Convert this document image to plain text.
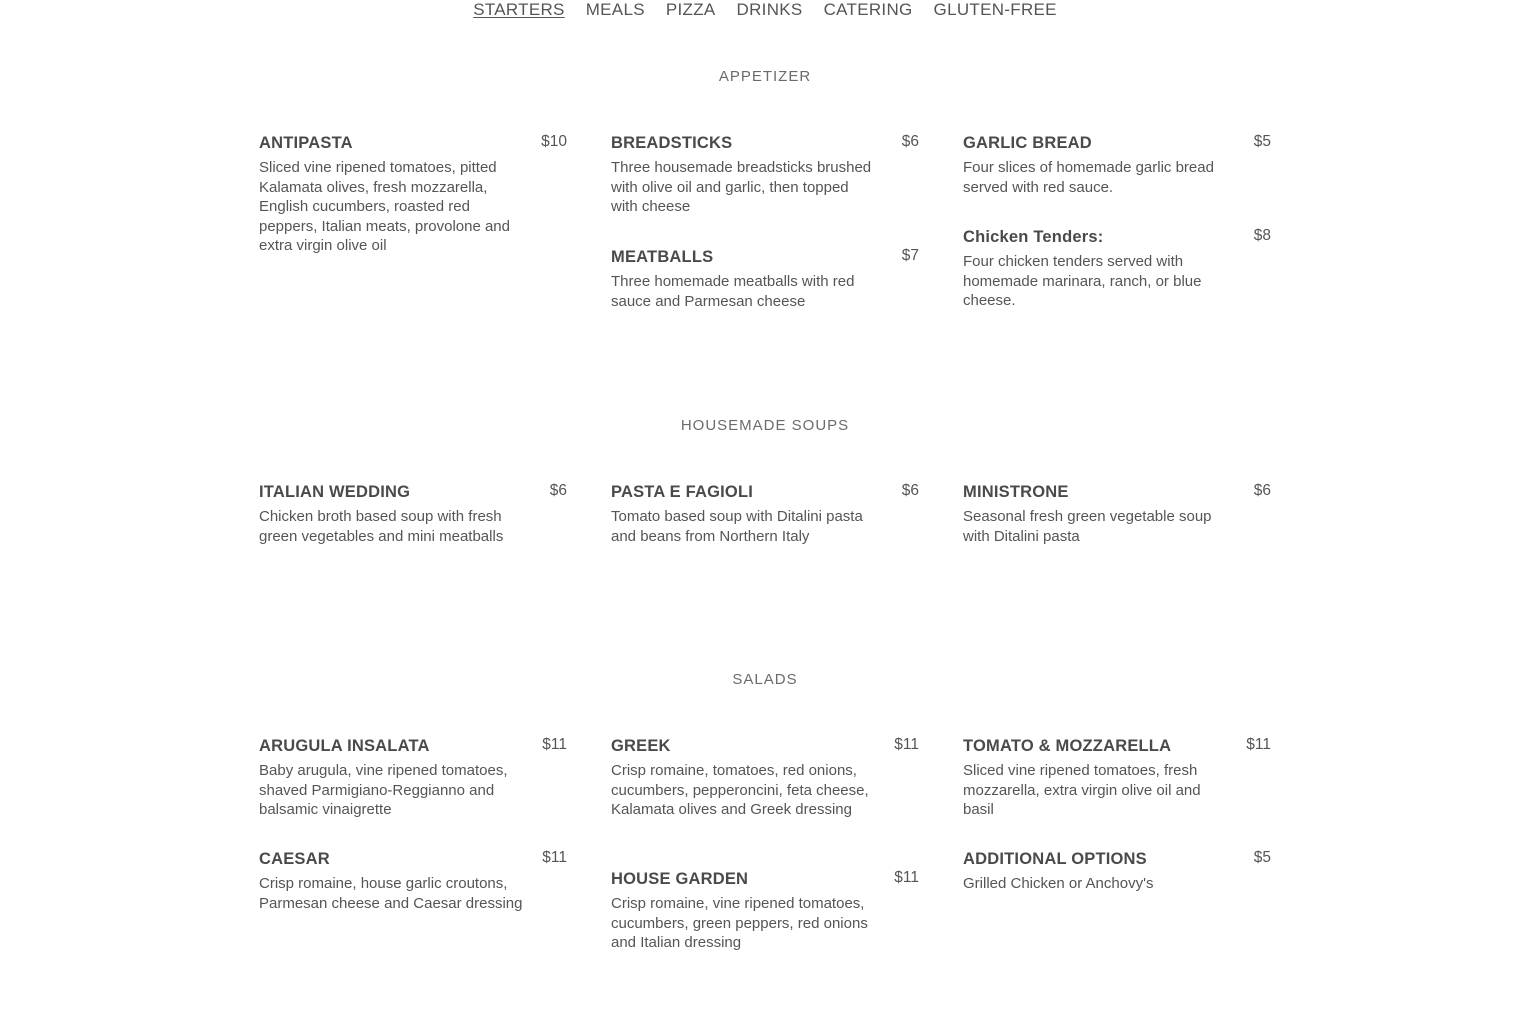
STARTERS MEALS PIZZA DRINKS CATERING GLUTEN-FREE
APPETIZER
ANTIPASTA	$10
Sliced vine ripened tomatoes, pitted Kalamata olives, fresh mozzarella, English cucumbers, roasted red peppers, Italian meats, provolone and extra virgin olive oil
BREADSTICKS	$6
Three housemade breadsticks brushed with olive oil and garlic, then topped with cheese
MEATBALLS	$7
Three homemade meatballs with red sauce and Parmesan cheese
GARLIC BREAD	$5
Four slices of homemade garlic bread served with red sauce.
Chicken Tenders:	$8
Four chicken tenders served with homemade marinara, ranch, or blue cheese.
HOUSEMADE SOUPS
ITALIAN WEDDING	$6
Chicken broth based soup with fresh green vegetables and mini meatballs
PASTA E FAGIOLI	$6
Tomato based soup with Ditalini pasta and beans from Northern Italy
MINISTRONE	$6
Seasonal fresh green vegetable soup with Ditalini pasta
SALADS
ARUGULA INSALATA	$11
Baby arugula, vine ripened tomatoes, shaved Parmigiano-Reggianno and balsamic vinaigrette
CAESAR	$11
Crisp romaine, house garlic croutons, Parmesan cheese and Caesar dressing
GREEK	$11
Crisp romaine, tomatoes, red onions, cucumbers, pepperoncini, feta cheese, Kalamata olives and Greek dressing
HOUSE GARDEN	$11
Crisp romaine, vine ripened tomatoes, cucumbers, green peppers, red onions and Italian dressing
TOMATO & MOZZARELLA	$11
Sliced vine ripened tomatoes, fresh mozzarella, extra virgin olive oil and basil
ADDITIONAL OPTIONS	$5
Grilled Chicken or Anchovy's
